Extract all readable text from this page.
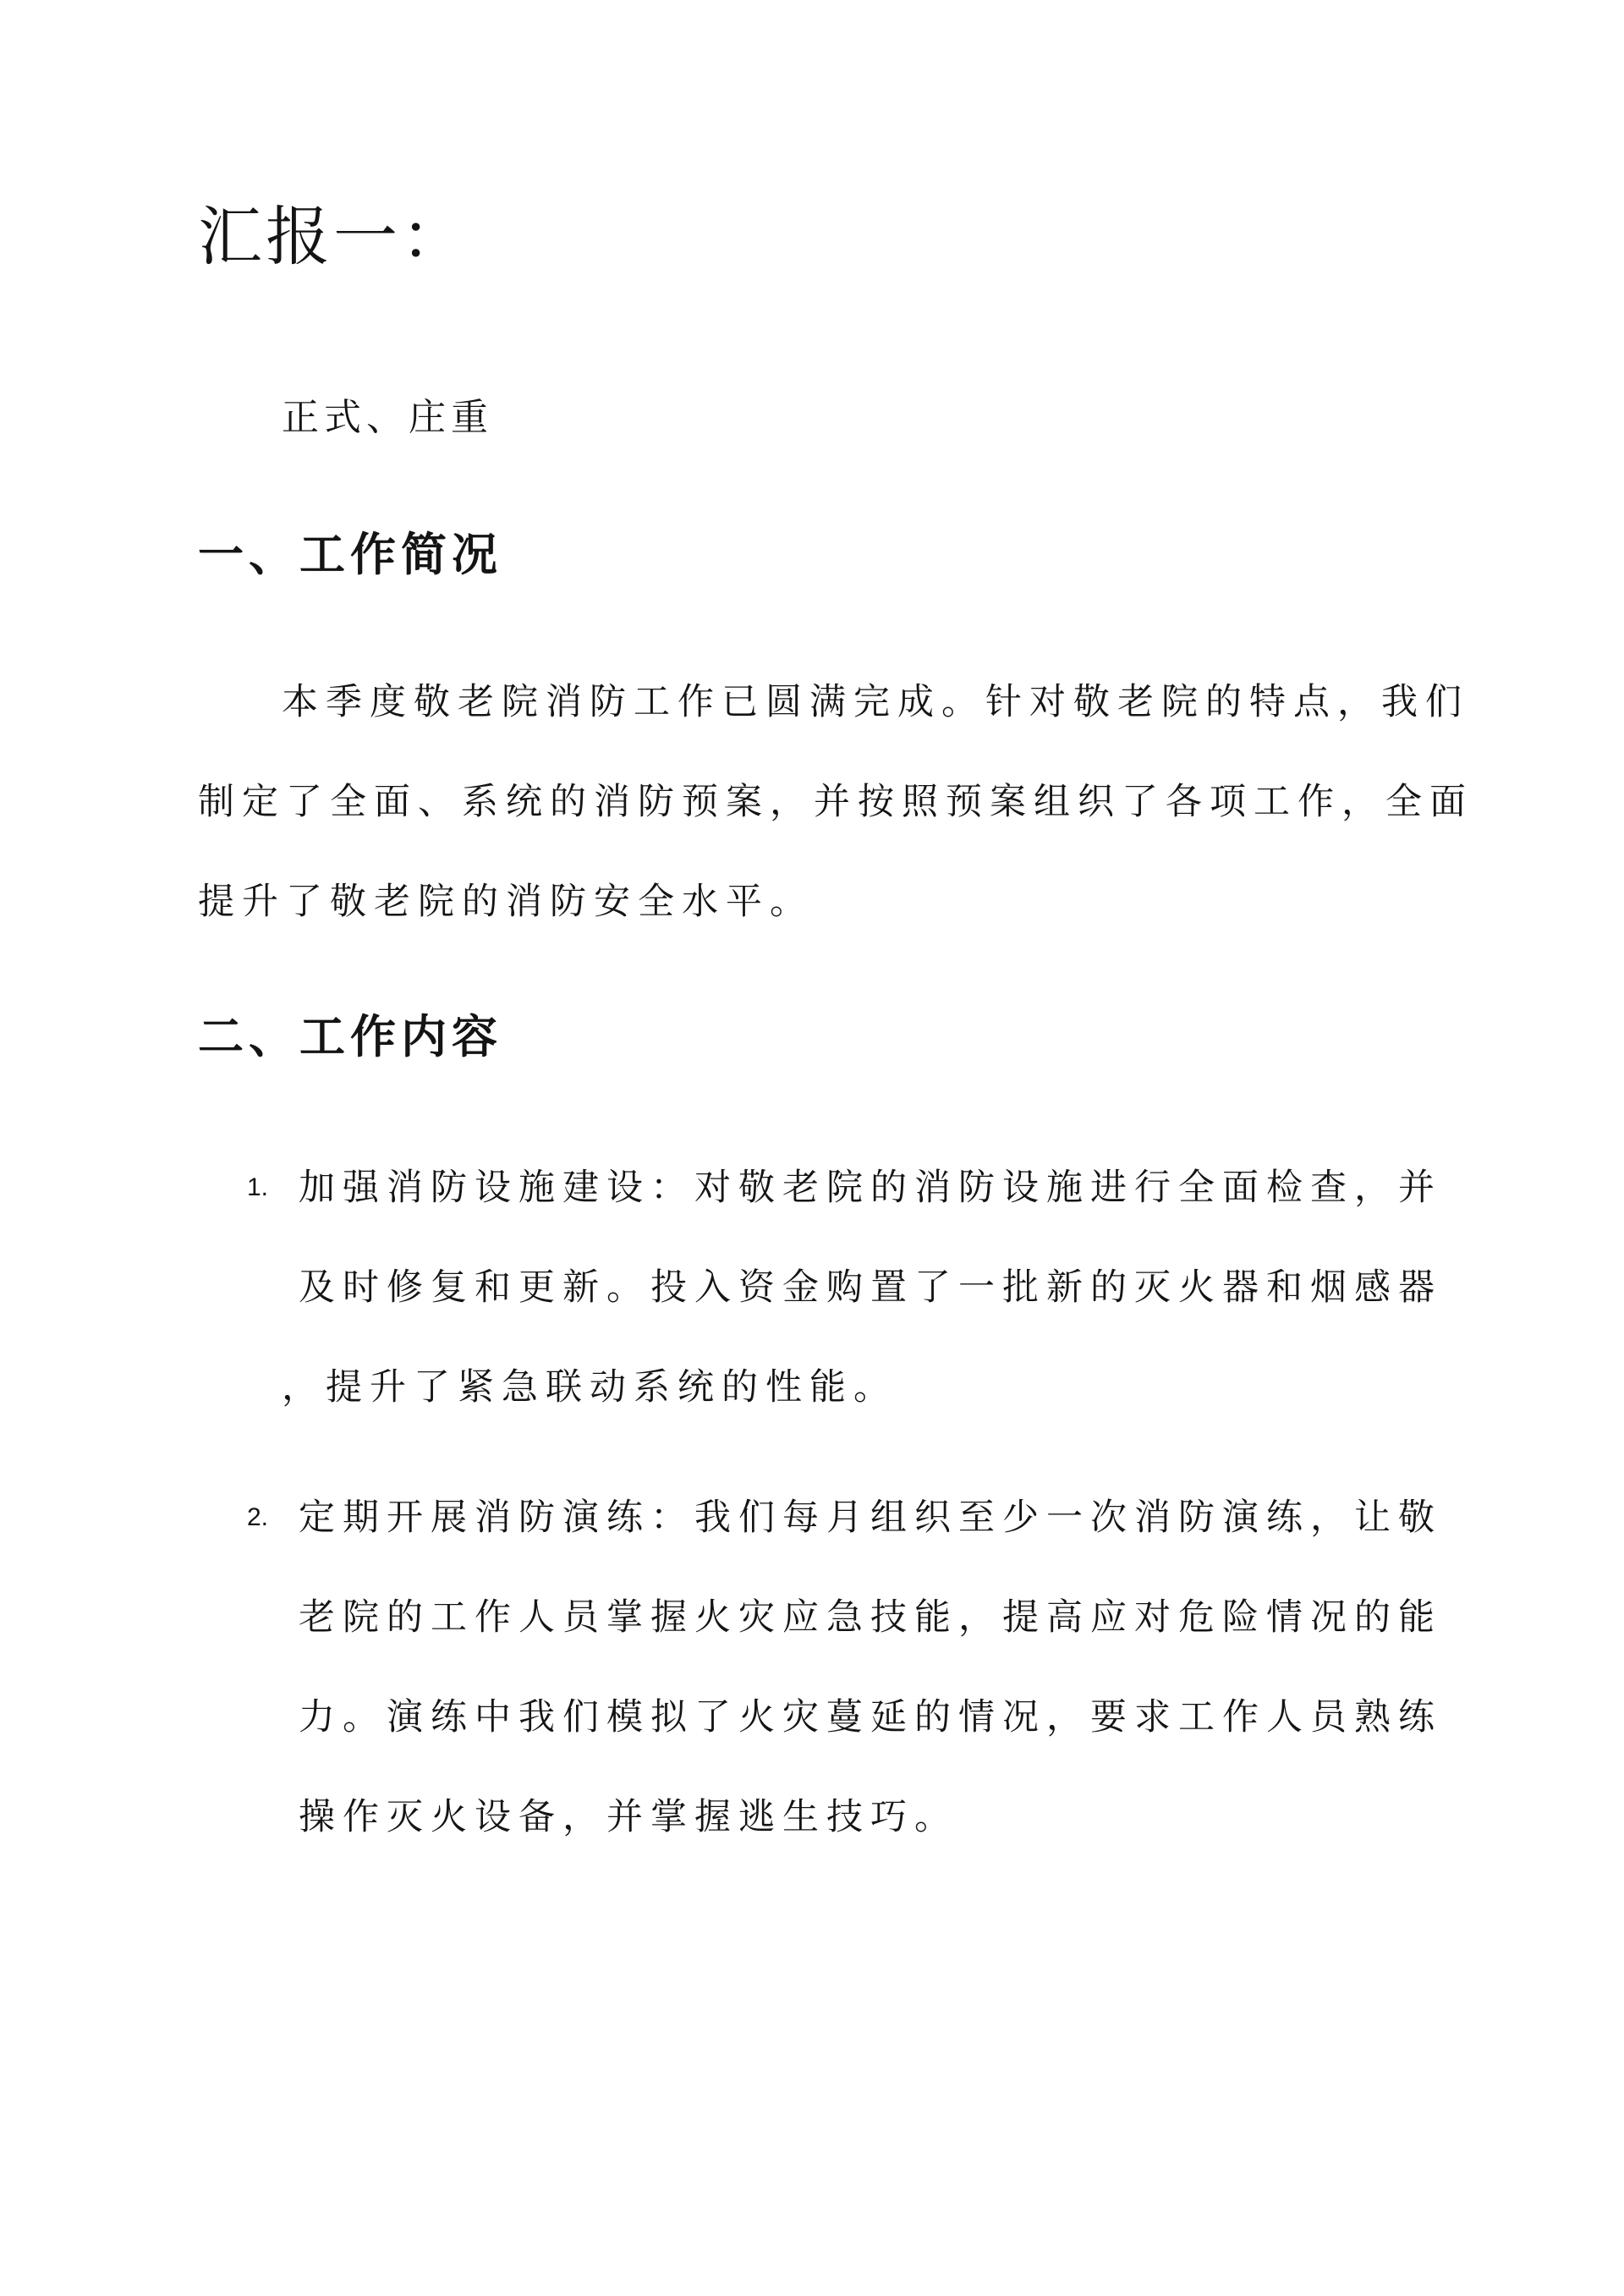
汇报一：

正式、庄重

一、工作简况

本季度敬老院消防工作已圆满完成。针对敬老院的特点，我们

制定了全面、系统的消防预案，并按照预案组织了各项工作，全面

提升了敬老院的消防安全水平。

二、工作内容
1. 加强消防设施建设：对敬老院的消防设施进行全面检查，并

及时修复和更新。投入资金购置了一批新的灭火器和烟感器

，提升了紧急联动系统的性能。

2. 定期开展消防演练：我们每月组织至少一次消防演练，让敬

老院的工作人员掌握火灾应急技能，提高应对危险情况的能

力。演练中我们模拟了火灾蔓延的情况，要求工作人员熟练

操作灭火设备，并掌握逃生技巧。
